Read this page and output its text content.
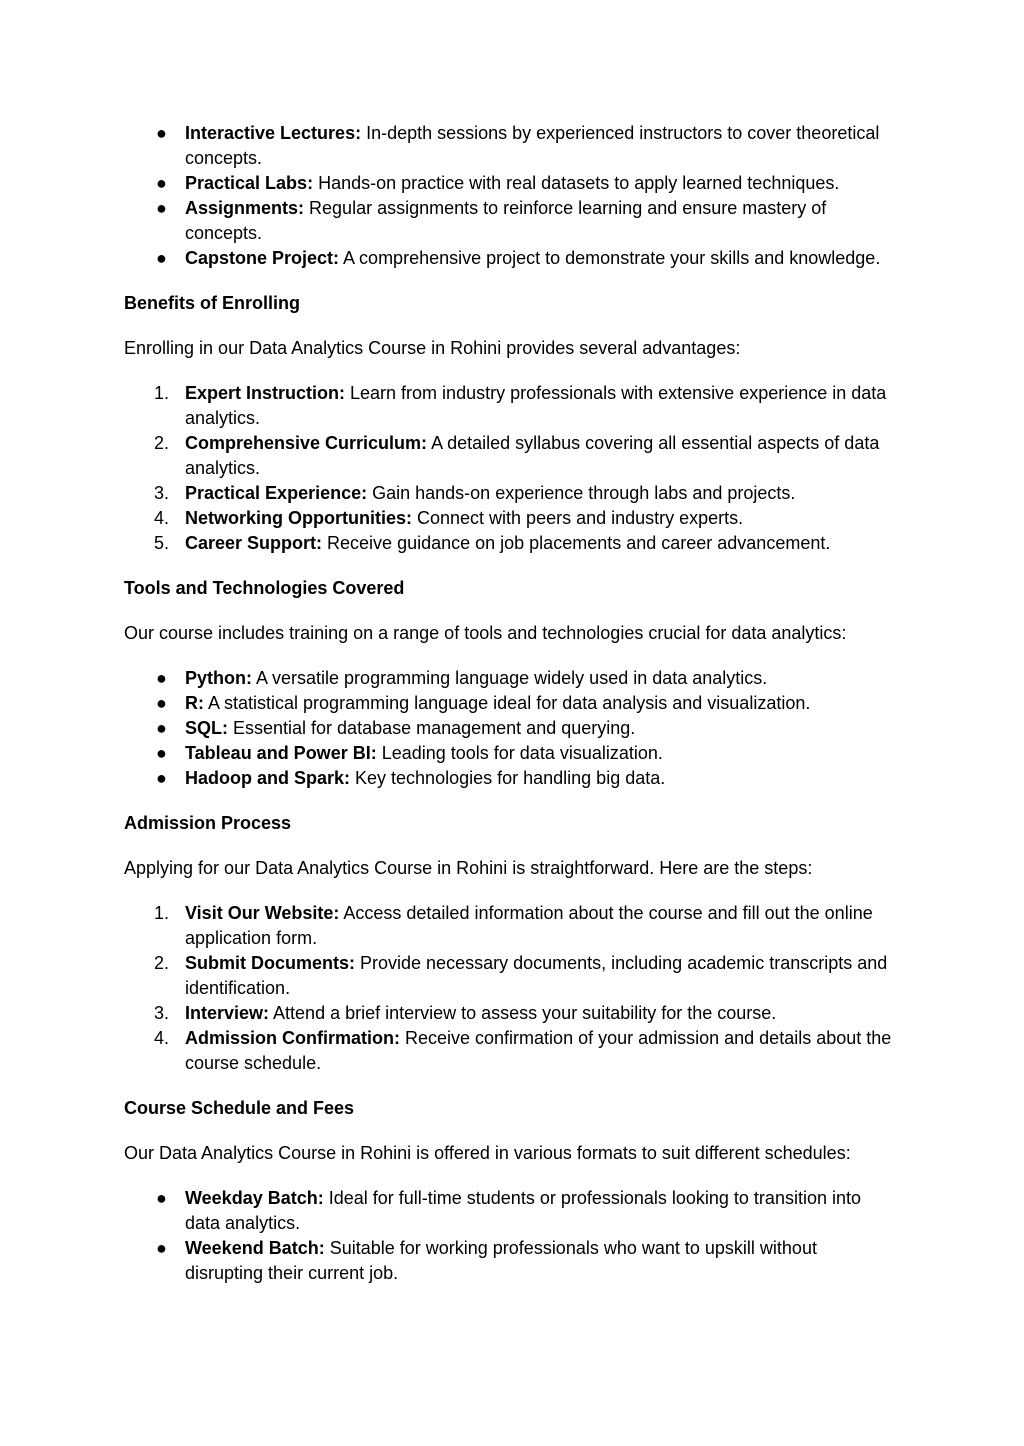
●	Interactive Lectures: In-depth sessions by experienced instructors to cover theoretical concepts.
●	Practical Labs: Hands-on practice with real datasets to apply learned techniques.
●	Assignments: Regular assignments to reinforce learning and ensure mastery of concepts.
●	Capstone Project: A comprehensive project to demonstrate your skills and knowledge.

Benefits of Enrolling

Enrolling in our Data Analytics Course in Rohini provides several advantages:

1. Expert Instruction: Learn from industry professionals with extensive experience in data analytics.
2. Comprehensive Curriculum: A detailed syllabus covering all essential aspects of data analytics.
3. Practical Experience: Gain hands-on experience through labs and projects.
4. Networking Opportunities: Connect with peers and industry experts.
5. Career Support: Receive guidance on job placements and career advancement.

Tools and Technologies Covered

Our course includes training on a range of tools and technologies crucial for data analytics:

●	Python: A versatile programming language widely used in data analytics.
●	R: A statistical programming language ideal for data analysis and visualization.
●	SQL: Essential for database management and querying.
●	Tableau and Power BI: Leading tools for data visualization.
●	Hadoop and Spark: Key technologies for handling big data.

Admission Process

Applying for our Data Analytics Course in Rohini is straightforward. Here are the steps:

1. Visit Our Website: Access detailed information about the course and fill out the online application form.
2. Submit Documents: Provide necessary documents, including academic transcripts and identification.
3. Interview: Attend a brief interview to assess your suitability for the course.
4. Admission Confirmation: Receive confirmation of your admission and details about the course schedule.

Course Schedule and Fees

Our Data Analytics Course in Rohini is offered in various formats to suit different schedules:

●	Weekday Batch: Ideal for full-time students or professionals looking to transition into data analytics.
●	Weekend Batch: Suitable for working professionals who want to upskill without disrupting their current job.
